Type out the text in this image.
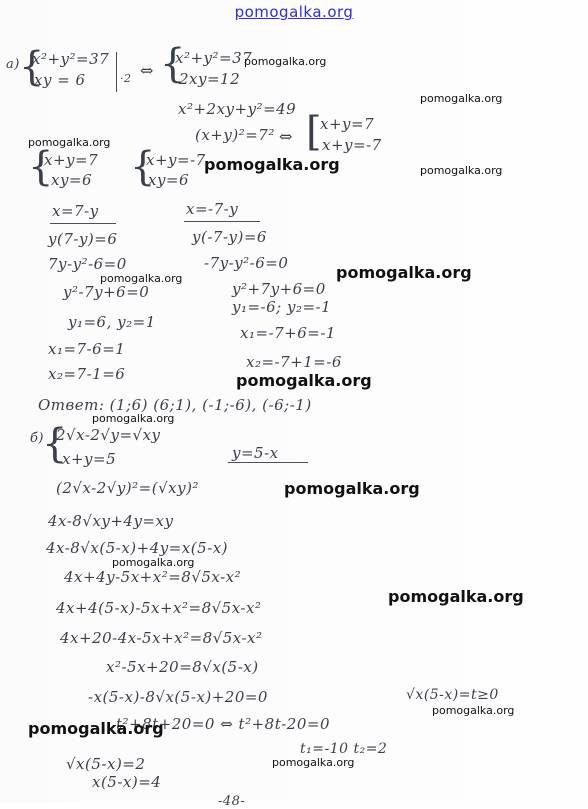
pomogalka.org
а) {
x²+y²=37
xy = 6	·2 ⇔ {
x²+y²=37
2xy=12
x²+2xy+y²=49
(x+y)²=7² ⇔ [
x+y=7
x+y=-7
{
x+y=7
xy=6 {
x+y=-7
xy=6
x=7-y
y(7-y)=6
7y-y²-6=0
y²-7y+6=0
y₁=6, y₂=1
x₁=7-6=1
x₂=7-1=6
x=-7-y
y(-7-y)=6
-7y-y²-6=0
y²+7y+6=0
y₁=-6; y₂=-1
x₁=-7+6=-1
x₂=-7+1=-6
Ответ: (1;6) (6;1), (-1;-6), (-6;-1)
б)
{
2√x-2√y=√xy
x+y=5	y=5-x
(2√x-2√y)²=(√xy)²
4x-8√xy+4y=xy
4x-8√x(5-x)+4y=x(5-x)
4x+4y-5x+x²=8√5x-x²
4x+4(5-x)-5x+x²=8√5x-x²
4x+20-4x-5x+x²=8√5x-x²
x²-5x+20=8√x(5-x)
-x(5-x)-8√x(5-x)+20=0	√x(5-x)=t≥0
t²+8t+20=0 ⇔ t²+8t-20=0
t₁=-10 t₂=2
√x(5-x)=2
x(5-x)=4
-48-
pomogalka.org
pomogalka.org
pomogalka.org
pomogalka.org	pomogalka.org
pomogalka.org	pomogalka.org
pomogalka.org
pomogalka.org
pomogalka.org
pomogalka.org
pomogalka.org
pomogalka.org
pomogalka.org
pomogalka.org
